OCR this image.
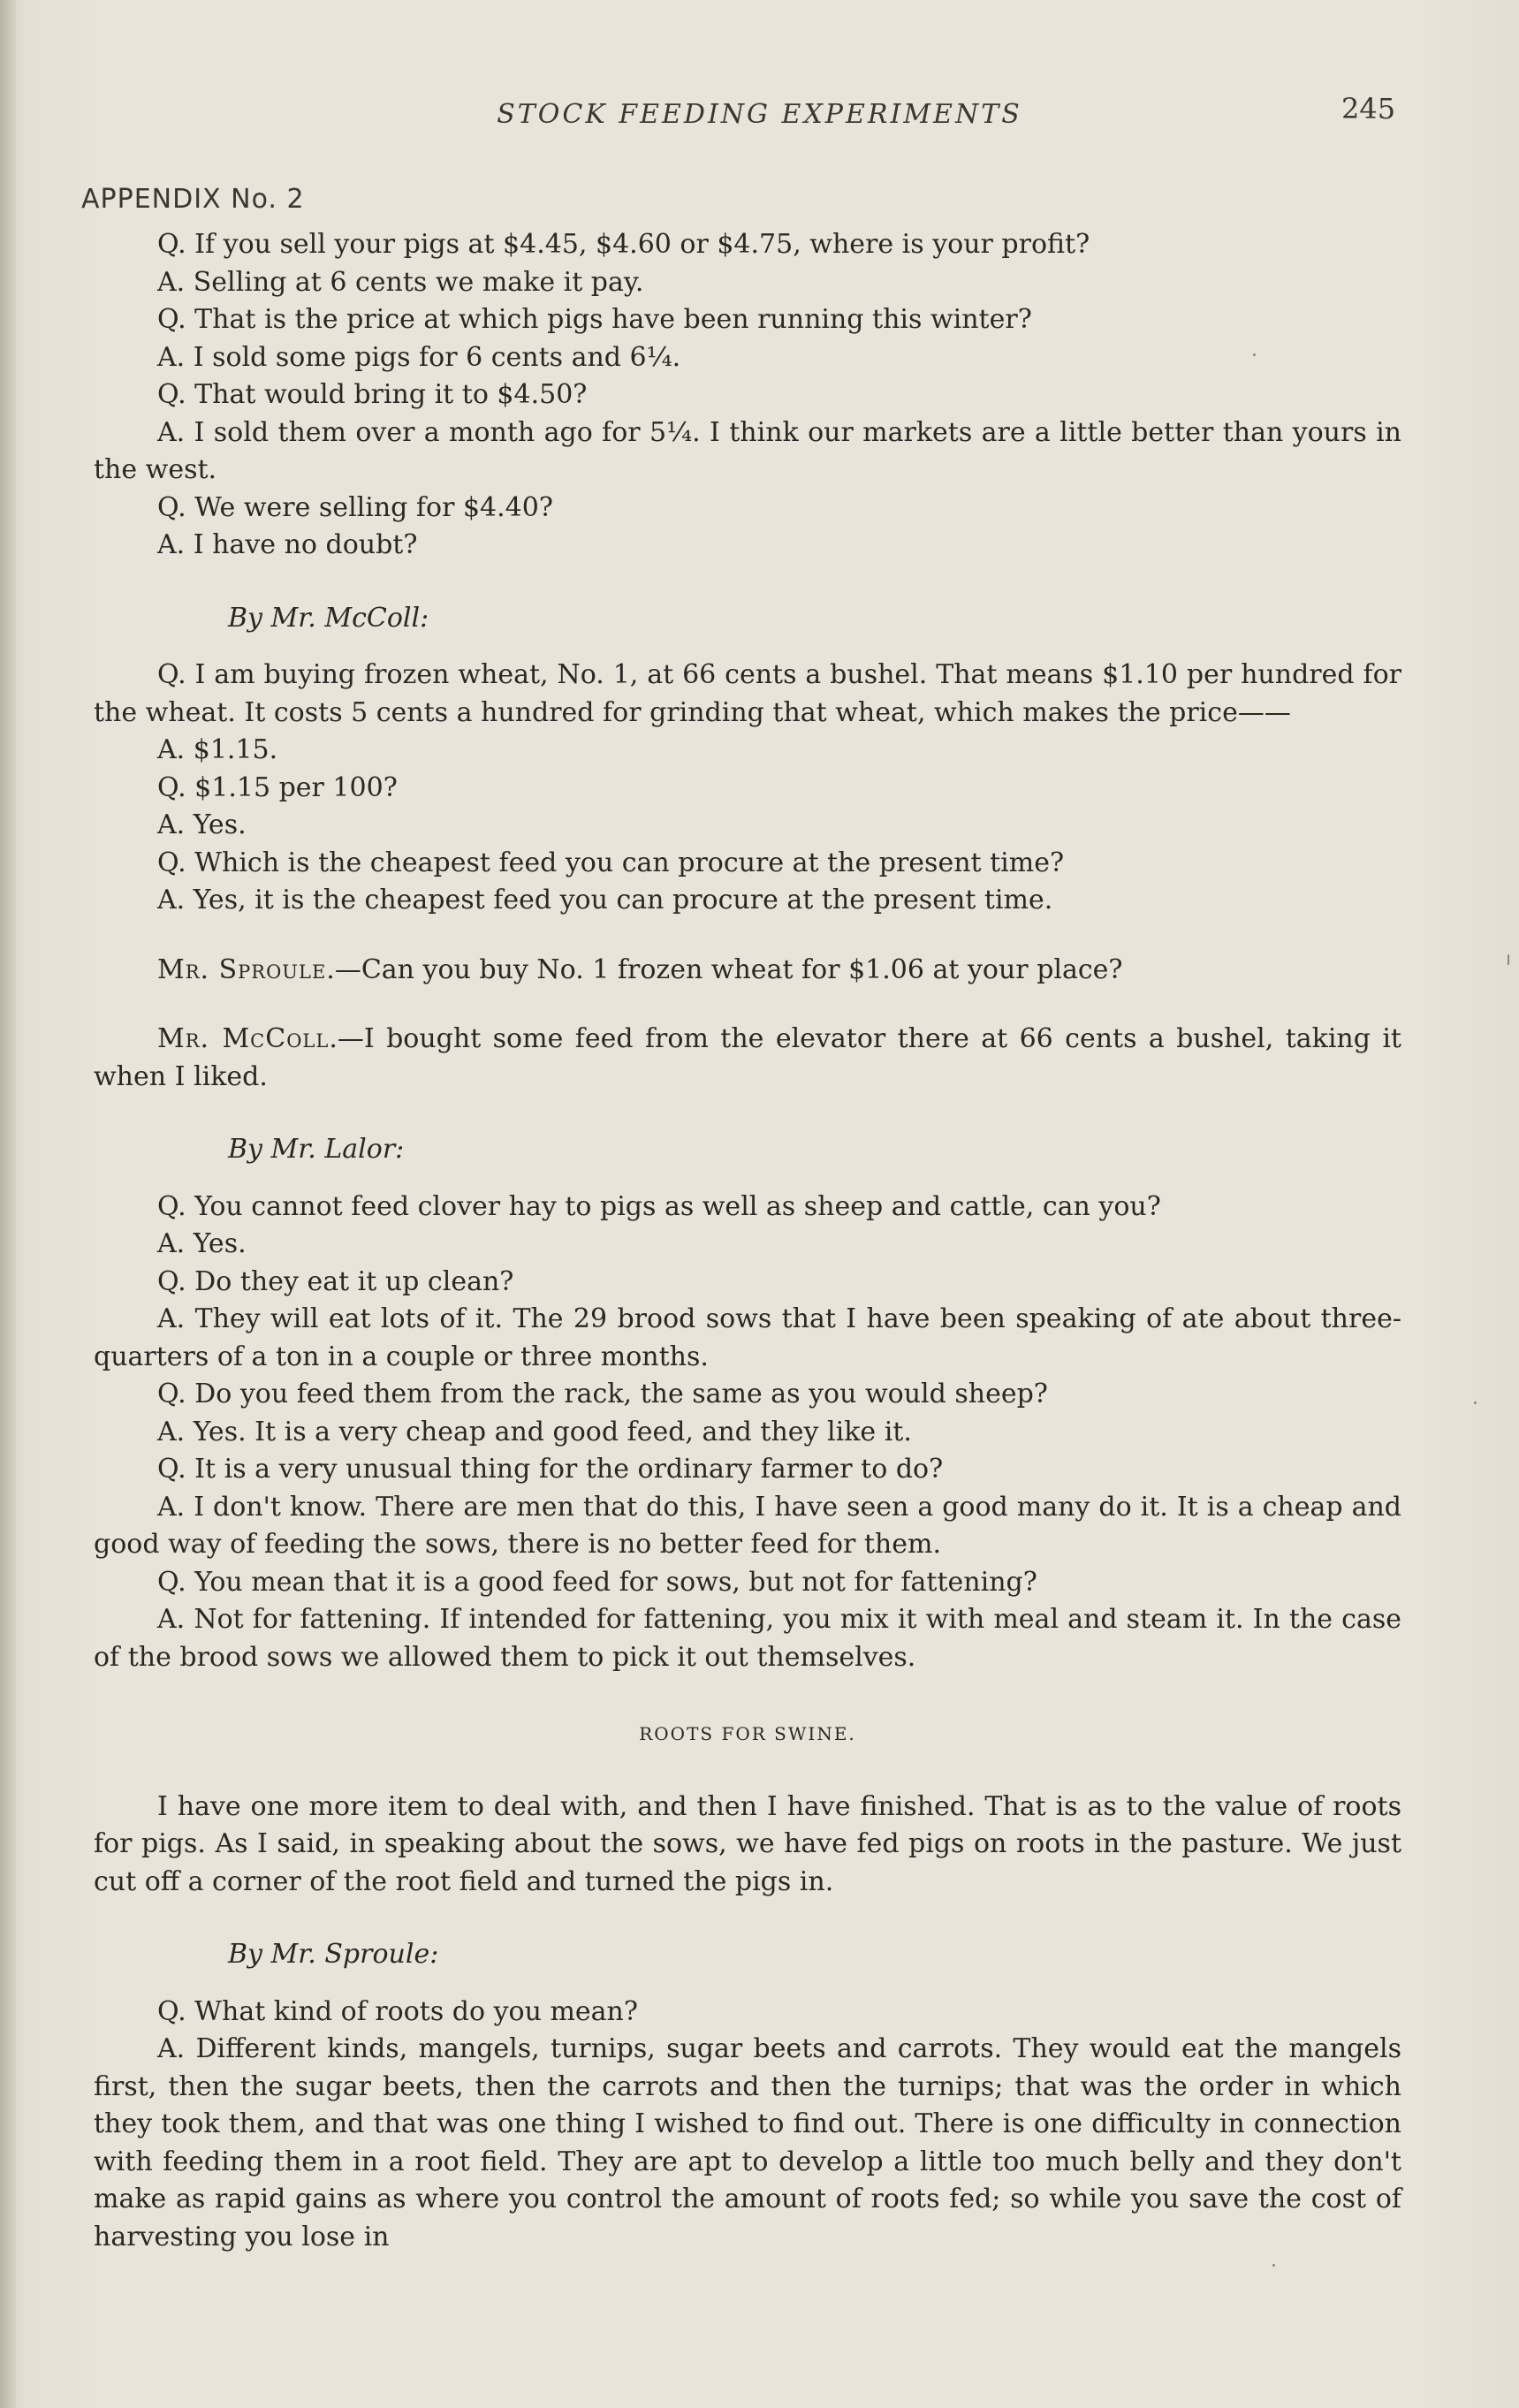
STOCK FEEDING EXPERIMENTS	245
APPENDIX No. 2

Q. If you sell your pigs at $4.45, $4.60 or $4.75, where is your profit?

A. Selling at 6 cents we make it pay.

Q. That is the price at which pigs have been running this winter?

A. I sold some pigs for 6 cents and 6¼.

Q. That would bring it to $4.50?

A. I sold them over a month ago for 5¼. I think our markets are a little better than yours in the west.

Q. We were selling for $4.40?

A. I have no doubt?

By Mr. McColl:

Q. I am buying frozen wheat, No. 1, at 66 cents a bushel. That means $1.10 per hundred for the wheat. It costs 5 cents a hundred for grinding that wheat, which makes the price——

A. $1.15.

Q. $1.15 per 100?

A. Yes.

Q. Which is the cheapest feed you can procure at the present time?

A. Yes, it is the cheapest feed you can procure at the present time.

Mr. Sproule.—Can you buy No. 1 frozen wheat for $1.06 at your place?

Mr. McColl.—I bought some feed from the elevator there at 66 cents a bushel, taking it when I liked.

By Mr. Lalor:

Q. You cannot feed clover hay to pigs as well as sheep and cattle, can you?

A. Yes.

Q. Do they eat it up clean?

A. They will eat lots of it. The 29 brood sows that I have been speaking of ate about three-quarters of a ton in a couple or three months.

Q. Do you feed them from the rack, the same as you would sheep?

A. Yes. It is a very cheap and good feed, and they like it.

Q. It is a very unusual thing for the ordinary farmer to do?

A. I don't know. There are men that do this, I have seen a good many do it. It is a cheap and good way of feeding the sows, there is no better feed for them.

Q. You mean that it is a good feed for sows, but not for fattening?

A. Not for fattening. If intended for fattening, you mix it with meal and steam it. In the case of the brood sows we allowed them to pick it out themselves.

ROOTS FOR SWINE.

I have one more item to deal with, and then I have finished. That is as to the value of roots for pigs. As I said, in speaking about the sows, we have fed pigs on roots in the pasture. We just cut off a corner of the root field and turned the pigs in.

By Mr. Sproule:

Q. What kind of roots do you mean?

A. Different kinds, mangels, turnips, sugar beets and carrots. They would eat the mangels first, then the sugar beets, then the carrots and then the turnips; that was the order in which they took them, and that was one thing I wished to find out. There is one difficulty in connection with feeding them in a root field. They are apt to develop a little too much belly and they don't make as rapid gains as where you control the amount of roots fed; so while you save the cost of harvesting you lose in
